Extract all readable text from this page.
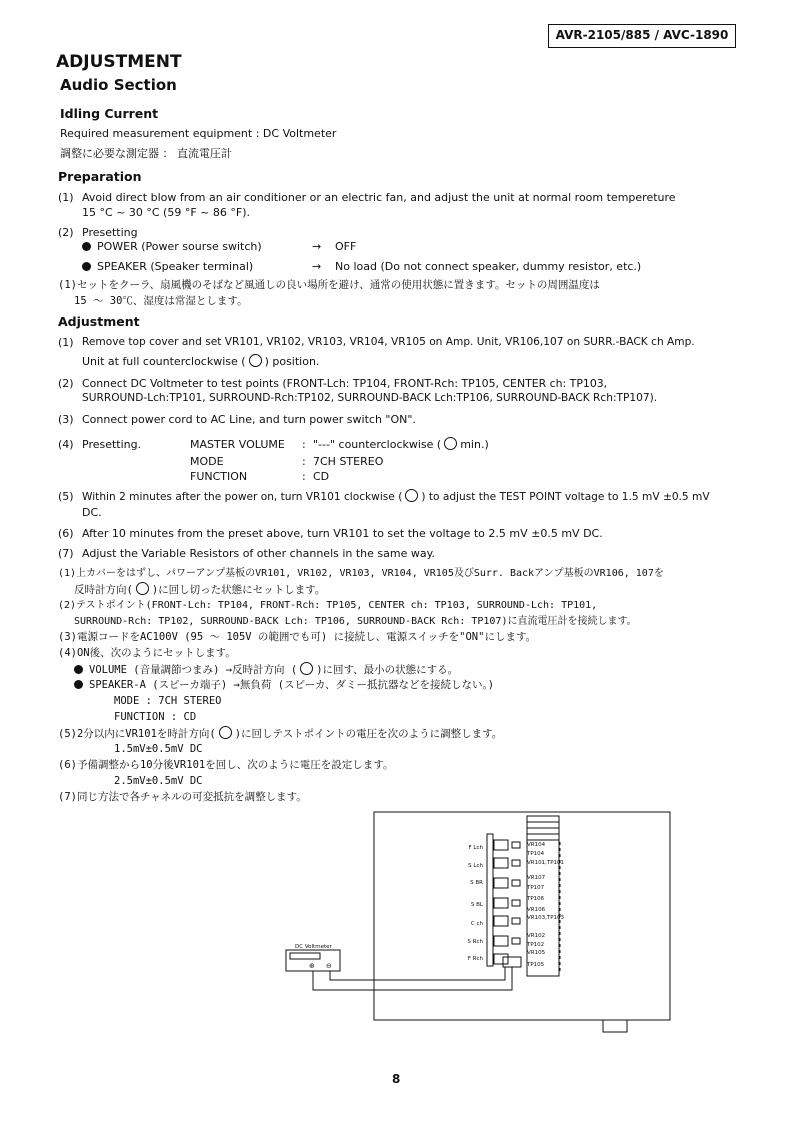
AVR-2105/885 / AVC-1890
ADJUSTMENT
Audio Section
Idling Current
Required measurement equipment : DC Voltmeter
調整に必要な測定器 ： 直流電圧計
Preparation
(1) Avoid direct blow from an air conditioner or an electric fan, and adjust the unit at normal room tempereture
15 °C ~ 30 °C (59 °F ~ 86 °F).
(2) Presetting
POWER (Power sourse switch)	→ OFF
SPEAKER (Speaker terminal)	→ No load (Do not connect speaker, dummy resistor, etc.)
(1)セットをクーラ、扇風機のそばなど風通しの良い場所を避け、通常の使用状態に置きます。セットの周囲温度は
15 ～ 30℃、湿度は常湿とします。
Adjustment
(1) Remove top cover and set VR101, VR102, VR103, VR104, VR105 on Amp. Unit, VR106,107 on SURR.-BACK ch Amp.
Unit at full counterclockwise ( ) position.
(2) Connect DC Voltmeter to test points (FRONT-Lch: TP104, FRONT-Rch: TP105, CENTER ch: TP103,
SURROUND-Lch:TP101, SURROUND-Rch:TP102, SURROUND-BACK Lch:TP106, SURROUND-BACK Rch:TP107).
(3) Connect power cord to AC Line, and turn power switch "ON".
(4) Presetting.	MASTER VOLUME : "---" counterclockwise ( min.)
MODE	: 7CH STEREO
FUNCTION	: CD
(5) Within 2 minutes after the power on, turn VR101 clockwise ( ) to adjust the TEST POINT voltage to 1.5 mV ±0.5 mV
DC.
(6) After 10 minutes from the preset above, turn VR101 to set the voltage to 2.5 mV ±0.5 mV DC.
(7) Adjust the Variable Resistors of other channels in the same way.
(1)上カバーをはずし、パワーアンプ基板のVR101, VR102, VR103, VR104, VR105及びSurr. Backアンプ基板のVR106, 107を
反時計方向( )に回し切った状態にセットします。
(2)テストポイント(FRONT-Lch: TP104, FRONT-Rch: TP105, CENTER ch: TP103, SURROUND-Lch: TP101,
SURROUND-Rch: TP102, SURROUND-BACK Lch: TP106, SURROUND-BACK Rch: TP107)に直流電圧計を接続します。
(3)電源コードをAC100V (95 ～ 105V の範囲でも可) に接続し、電源スイッチを"ON"にします。
(4)ON後、次のようにセットします。
VOLUME (音量調節つまみ) →反時計方向 ( )に回す、最小の状態にする。
SPEAKER-A (スピーカ端子) →無負荷 (スピーカ、ダミー抵抗器などを接続しない。)
MODE : 7CH STEREO
FUNCTION : CD
(5)2分以内にVR101を時計方向( )に回しテストポイントの電圧を次のように調整します。
1.5mV±0.5mV DC
(6)予備調整から10分後VR101を回し、次のように電圧を設定します。
2.5mV±0.5mV DC
(7)同じ方法で各チャネルの可変抵抗を調整します。
DC Voltmeter
⊕ ⊖
F Lch
S Lch
S BR
S BL
C ch
S Rch
F Rch
VR104
TP104
VR101,TP101
VR107
TP107
TP106
VR106
VR103,TP103
VR102
TP102
VR105
TP105
8
